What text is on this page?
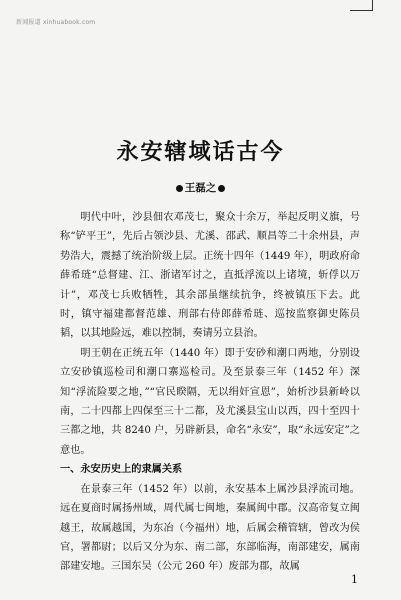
新闻报道 xinhuabook.com
永安辖域话古今
王磊之

明代中叶，沙县佃农邓茂七，聚众十余万，举起反明义旗，号称“铲平王”，先后占领沙县、尤溪、邵武、顺昌等二十余州县，声势浩大，震撼了统治阶级上层。正统十四年（1449 年），明政府命薛希琏“总督建、江、浙诸军讨之，直抵浮流以上诸境，斩俘以万计”，邓茂七兵败牺牲，其余部虽继续抗争，终被镇压下去。此时，镇守福建都督范雄、刑部右侍郎薛希琏、巡按监察御史陈员韬，以其地险远，难以控制，奏请另立县治。

明王朝在正统五年（1440 年）即于安砂和潮口两地，分别设立安砂镇巡检司和潮口寨巡检司。及至景泰三年（1452 年）深知“浮流险要之地，”“官民睽隔，无以绢奸宣恩”，始析沙县新岭以南，二十四都上四保至三十二都，及尤溪县宝山以西，四十至四十三都之地，共 8240 户，另辟新县，命名“永安”，取“永远安定”之意也。

一、永安历史上的隶属关系

在景泰三年（1452 年）以前，永安基本上属沙县浮流司地。远在夏商时属扬州域，周代属七闽地，秦属闽中郡。汉高帝复立闽越王，故属越国，为东冶（今福州）地，后属会稽管辖，曾改为侯官，署都尉；以后又分为东、南二部，东部临海，南部建安，属南部建安地。三国东吴（公元 260 年）废部为郡，故属

1
